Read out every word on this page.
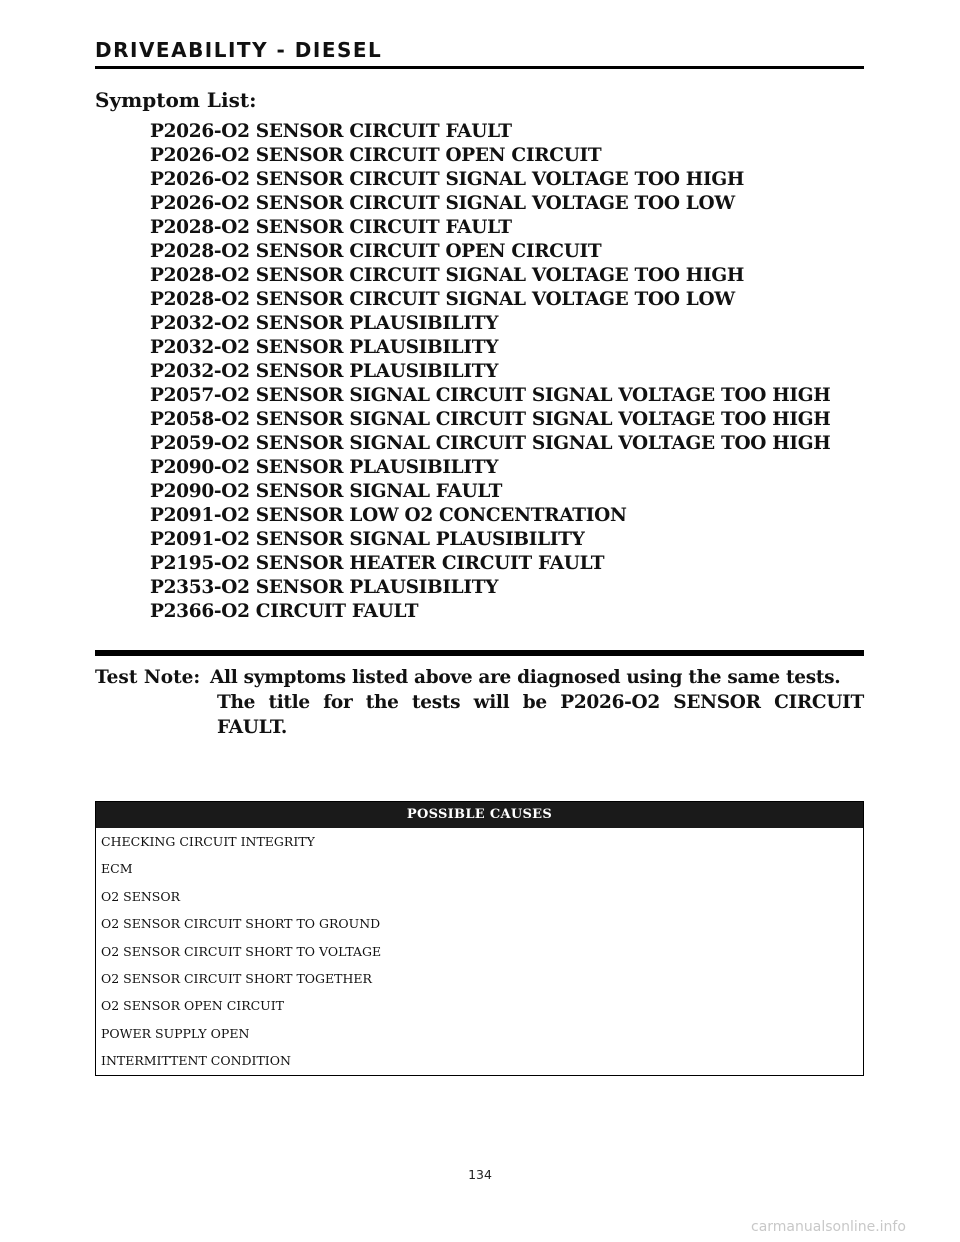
DRIVEABILITY - DIESEL
Symptom List:
P2026-O2 SENSOR CIRCUIT FAULT
P2026-O2 SENSOR CIRCUIT OPEN CIRCUIT
P2026-O2 SENSOR CIRCUIT SIGNAL VOLTAGE TOO HIGH
P2026-O2 SENSOR CIRCUIT SIGNAL VOLTAGE TOO LOW
P2028-O2 SENSOR CIRCUIT FAULT
P2028-O2 SENSOR CIRCUIT OPEN CIRCUIT
P2028-O2 SENSOR CIRCUIT SIGNAL VOLTAGE TOO HIGH
P2028-O2 SENSOR CIRCUIT SIGNAL VOLTAGE TOO LOW
P2032-O2 SENSOR PLAUSIBILITY
P2032-O2 SENSOR PLAUSIBILITY
P2032-O2 SENSOR PLAUSIBILITY
P2057-O2 SENSOR SIGNAL CIRCUIT SIGNAL VOLTAGE TOO HIGH
P2058-O2 SENSOR SIGNAL CIRCUIT SIGNAL VOLTAGE TOO HIGH
P2059-O2 SENSOR SIGNAL CIRCUIT SIGNAL VOLTAGE TOO HIGH
P2090-O2 SENSOR PLAUSIBILITY
P2090-O2 SENSOR SIGNAL FAULT
P2091-O2 SENSOR LOW O2 CONCENTRATION
P2091-O2 SENSOR SIGNAL PLAUSIBILITY
P2195-O2 SENSOR HEATER CIRCUIT FAULT
P2353-O2 SENSOR PLAUSIBILITY
P2366-O2 CIRCUIT FAULT
Test Note: All symptoms listed above are diagnosed using the same tests.
The title for the tests will be P2026-O2 SENSOR CIRCUIT FAULT.
POSSIBLE CAUSES
CHECKING CIRCUIT INTEGRITY
ECM
O2 SENSOR
O2 SENSOR CIRCUIT SHORT TO GROUND
O2 SENSOR CIRCUIT SHORT TO VOLTAGE
O2 SENSOR CIRCUIT SHORT TOGETHER
O2 SENSOR OPEN CIRCUIT
POWER SUPPLY OPEN
INTERMITTENT CONDITION
134
carmanualsonline.info
